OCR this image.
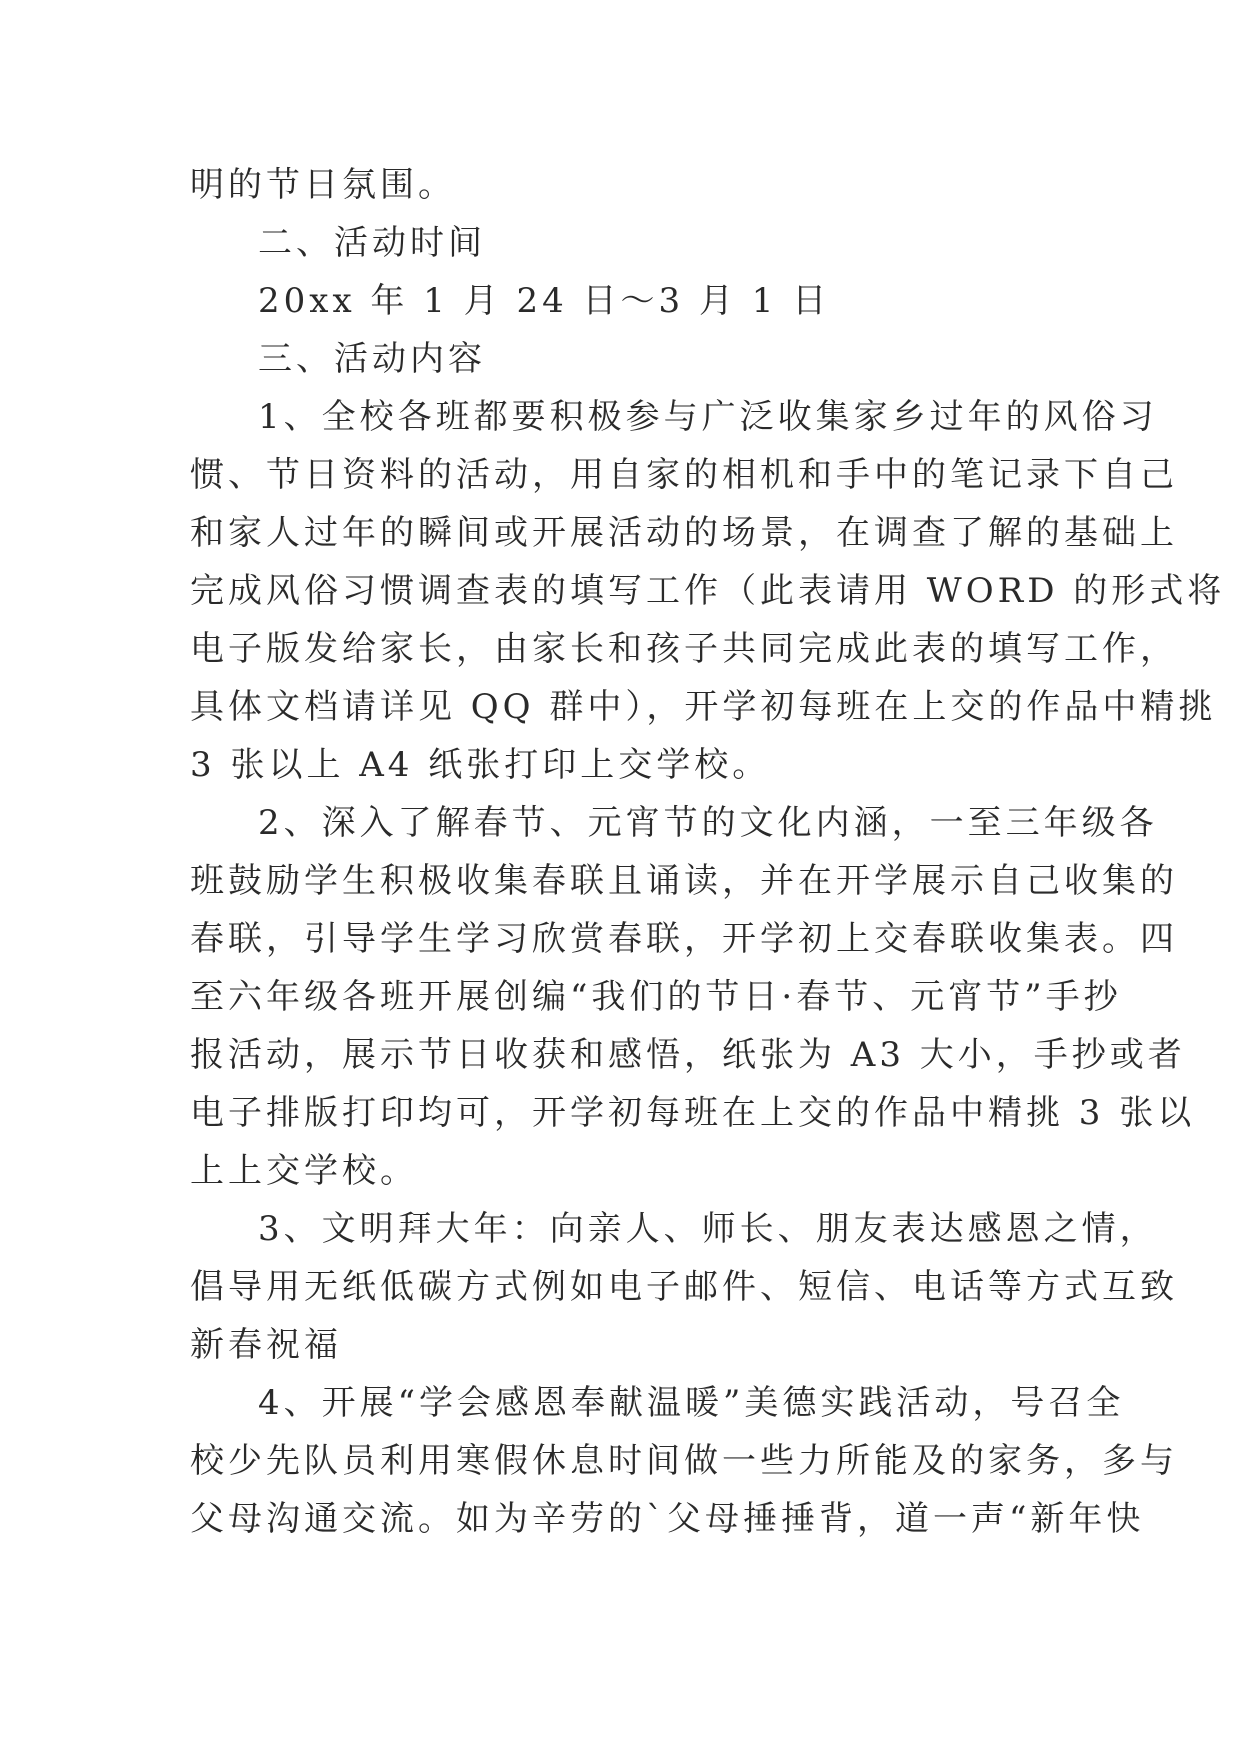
明的节日氛围。
二、活动时间
20xx 年 1 月 24 日～3 月 1 日
三、活动内容
1、全校各班都要积极参与广泛收集家乡过年的风俗习
惯、节日资料的活动，用自家的相机和手中的笔记录下自己
和家人过年的瞬间或开展活动的场景，在调查了解的基础上
完成风俗习惯调查表的填写工作（此表请用 WORD 的形式将
电子版发给家长，由家长和孩子共同完成此表的填写工作，
具体文档请详见 QQ 群中），开学初每班在上交的作品中精挑
3 张以上 A4 纸张打印上交学校。
2、深入了解春节、元宵节的文化内涵，一至三年级各
班鼓励学生积极收集春联且诵读，并在开学展示自己收集的
春联，引导学生学习欣赏春联，开学初上交春联收集表。四
至六年级各班开展创编“我们的节日·春节、元宵节”手抄
报活动，展示节日收获和感悟，纸张为 A3 大小，手抄或者
电子排版打印均可，开学初每班在上交的作品中精挑 3 张以
上上交学校。
3、文明拜大年：向亲人、师长、朋友表达感恩之情，
倡导用无纸低碳方式例如电子邮件、短信、电话等方式互致
新春祝福
4、开展“学会感恩奉献温暖”美德实践活动，号召全
校少先队员利用寒假休息时间做一些力所能及的家务，多与
父母沟通交流。如为辛劳的`父母捶捶背，道一声“新年快
